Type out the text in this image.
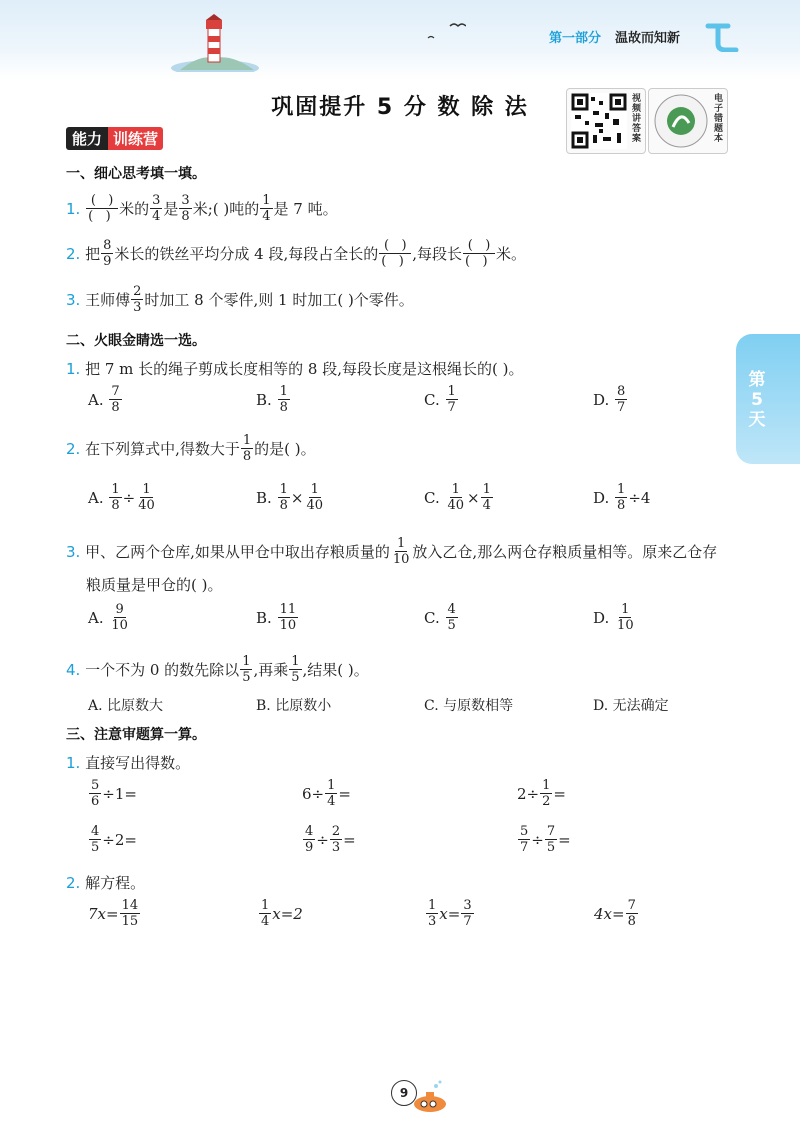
第一部分 温故而知新
巩固提升 5 分 数 除 法	视频讲答案	电子错题本
能力 训练营
第5天
一、细心思考填一填。
1.
$\frac{( )}{( )}$ 米的 $\frac{3}{4}$ 是 $\frac{3}{8}$ 米;( )吨的 $\frac{1}{4}$ 是 7 吨。
2.
把 $\frac{8}{9}$ 米长的铁丝平均分成 4 段,每段占全长的 $\frac{( )}{( )}$ ,每段长 $\frac{( )}{( )}$ 米。
3.
王师傅 $\frac{2}{3}$ 时加工 8 个零件,则 1 时加工( )个零件。
二、火眼金睛选一选。
1.
把 7 m 长的绳子剪成长度相等的 8 段,每段长度是这根绳长的( )。
A.
$\frac{7}{8}$	B.
$\frac{1}{8}$	C.
$\frac{1}{7}$	D.
$\frac{8}{7}$
2.
在下列算式中,得数大于 $\frac{1}{8}$ 的是( )。
A.
$\frac{1}{8} \div \frac{1}{40}$	B.
$\frac{1}{8} \times \frac{1}{40}$	C.
$\frac{1}{40} \times \frac{1}{4}$	D.
$\frac{1}{8} \div 4$
3.
甲、乙两个仓库,如果从甲仓中取出存粮质量的 $\frac{1}{10}$ 放入乙仓,那么两仓存粮质量相等。原来乙仓存
粮质量是甲仓的( )。
A.
$\frac{9}{10}$	B.
$\frac{11}{10}$	C.
$\frac{4}{5}$	D.
$\frac{1}{10}$
4.
一个不为 0 的数先除以 $\frac{1}{5}$ ,再乘 $\frac{1}{5}$ ,结果( )。
A. 比原数大	B. 比原数小	C. 与原数相等	D. 无法确定
三、注意审题算一算。
1.
直接写出得数。
$\frac{5}{6} \div 1=$	$6\div \frac{1}{4}$ =	$2\div \frac{1}{2}$ =
$\frac{4}{5} \div 2=$	$\frac{4}{9} \div \frac{2}{3}$ =	$\frac{5}{7} \div \frac{7}{5}$ =
2.
解方程。
$7x= \frac{14}{15}$	$\frac{1}{4} x=2$	$\frac{1}{3} x= \frac{3}{7}$	$4x= \frac{7}{8}$
9
